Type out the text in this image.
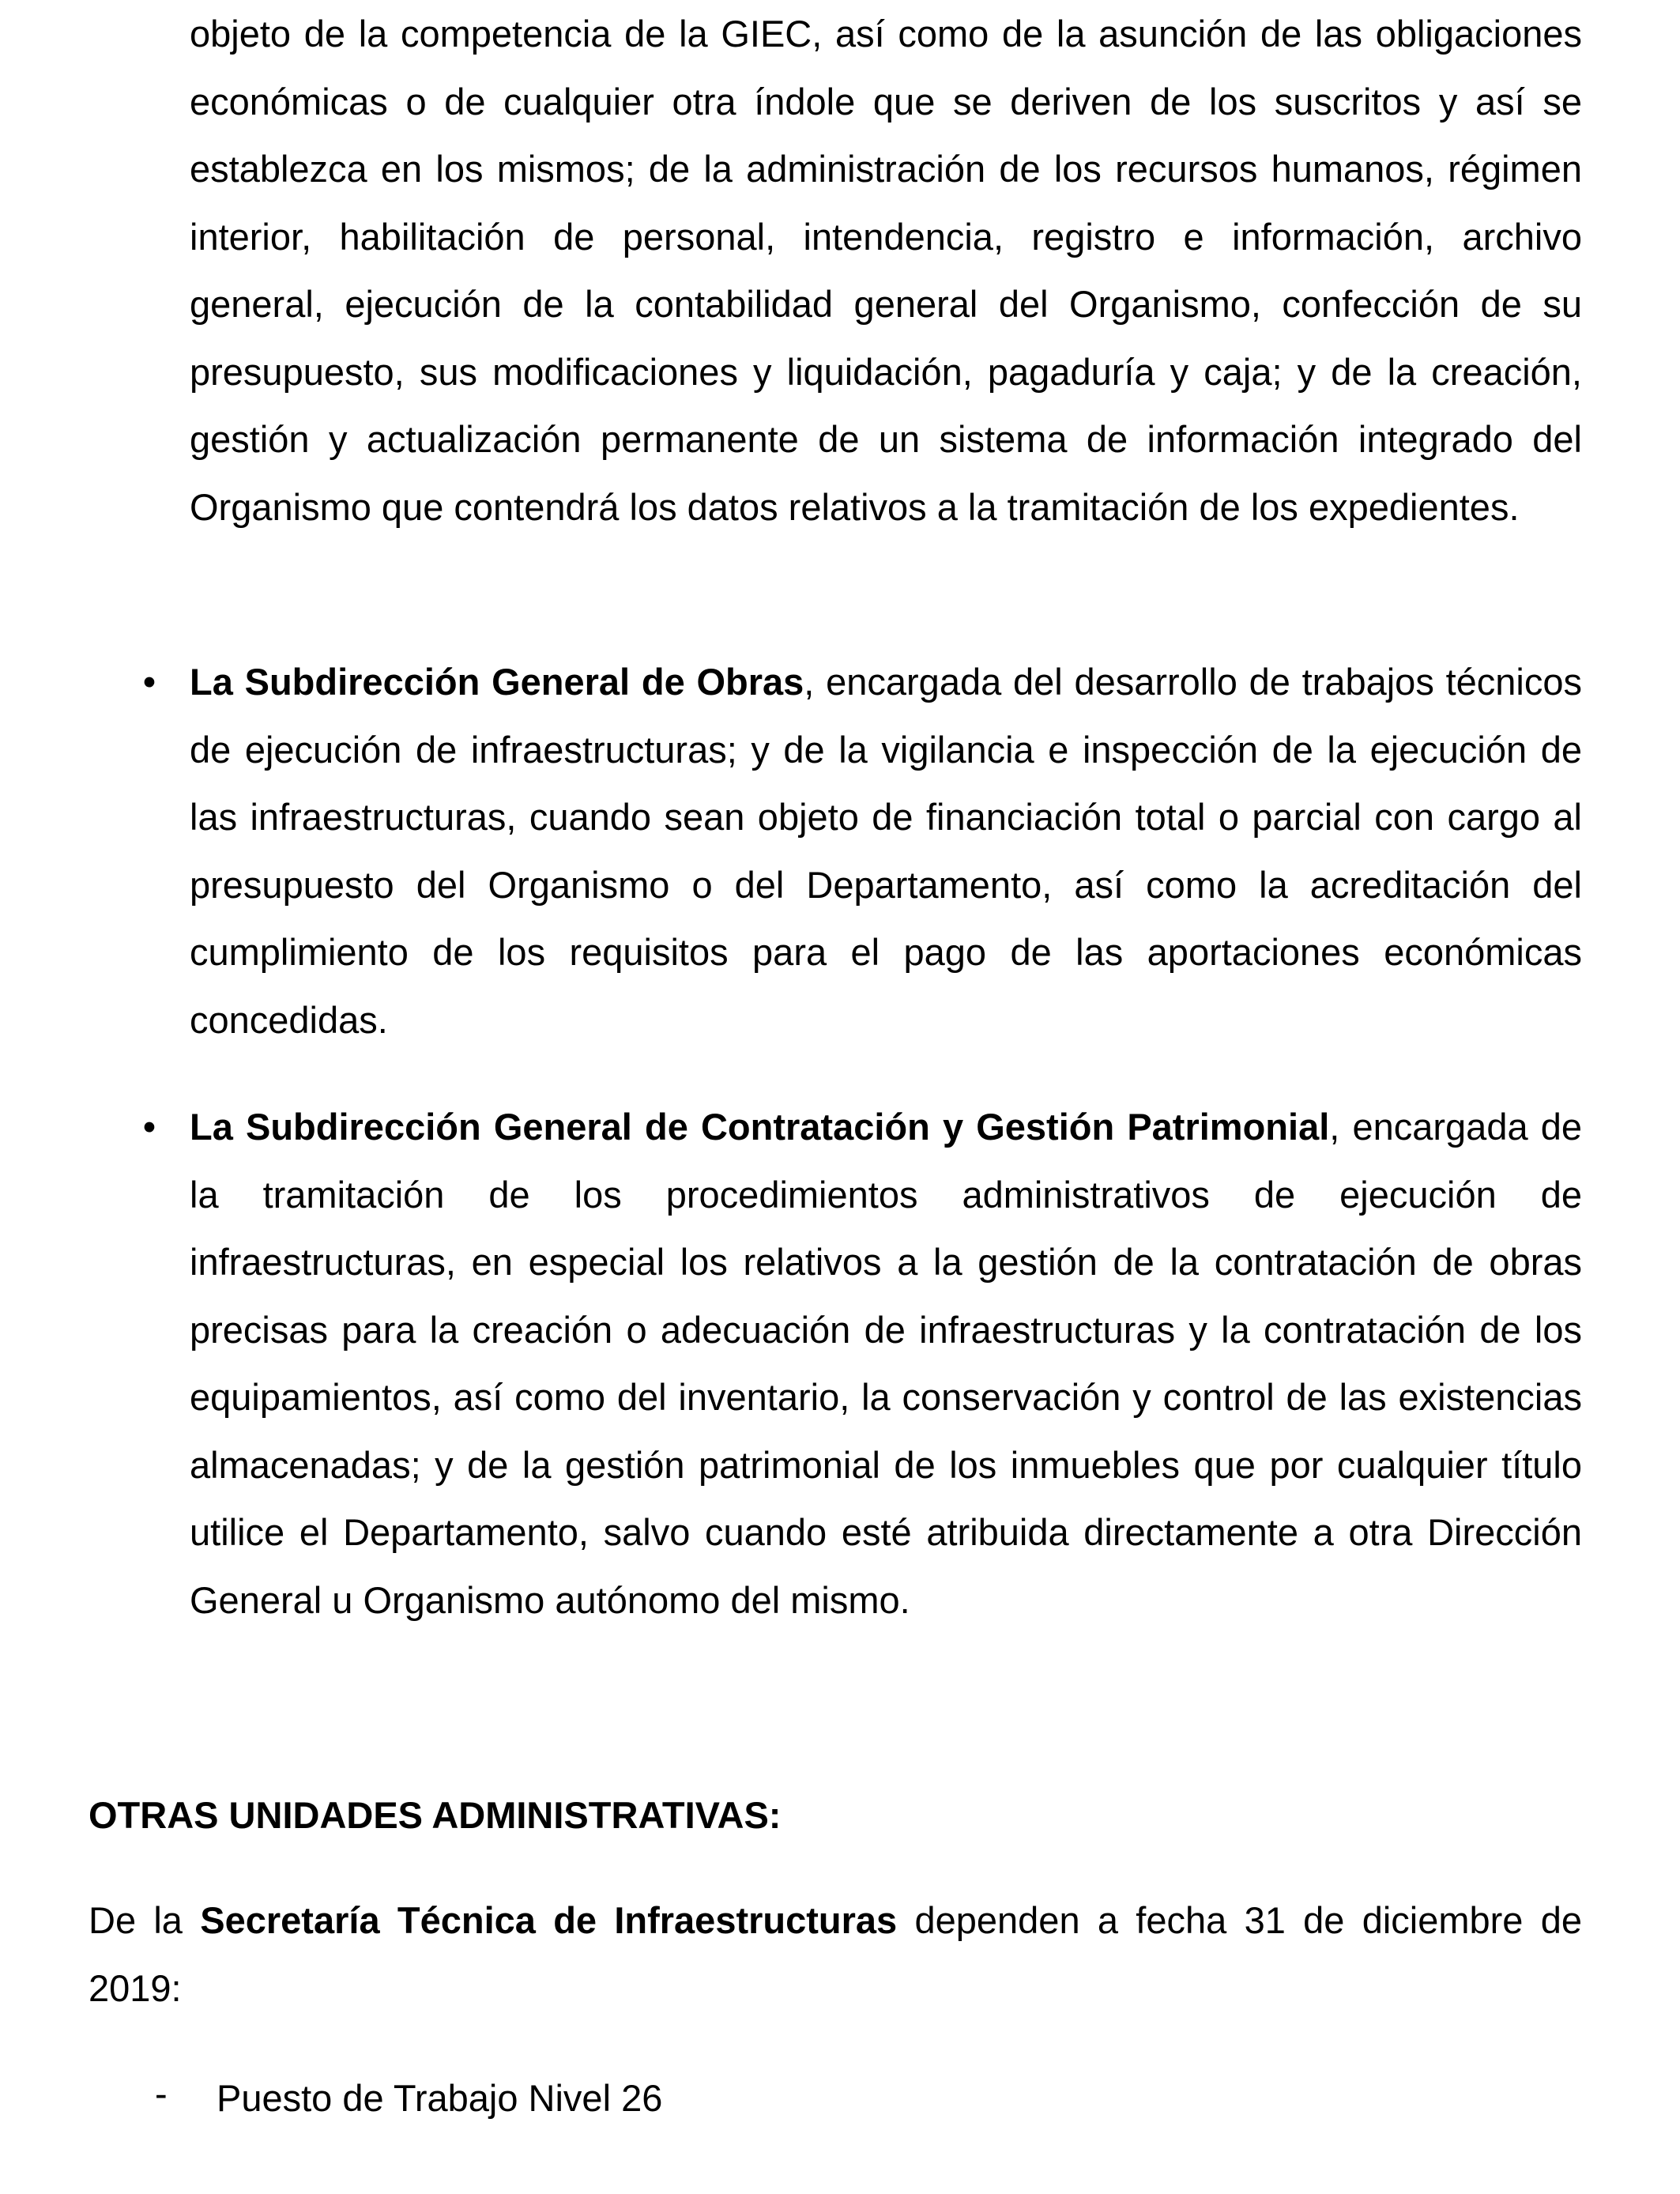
objeto de la competencia de la GIEC, así como de la asunción de las obligaciones económicas o de cualquier otra índole que se deriven de los suscritos y así se establezca en los mismos; de la administración de los recursos humanos, régimen interior, habilitación de personal, intendencia, registro e información, archivo general, ejecución de la contabilidad general del Organismo, confección de su presupuesto, sus modificaciones y liquidación, pagaduría y caja; y de la creación, gestión y actualización permanente de un sistema de información integrado del Organismo que contendrá los datos relativos a la tramitación de los expedientes.

• La Subdirección General de Obras, encargada del desarrollo de trabajos técnicos de ejecución de infraestructuras; y de la vigilancia e inspección de la ejecución de las infraestructuras, cuando sean objeto de financiación total o parcial con cargo al presupuesto del Organismo o del Departamento, así como la acreditación del cumplimiento de los requisitos para el pago de las aportaciones económicas concedidas.

• La Subdirección General de Contratación y Gestión Patrimonial, encargada de la tramitación de los procedimientos administrativos de ejecución de infraestructuras, en especial los relativos a la gestión de la contratación de obras precisas para la creación o adecuación de infraestructuras y la contratación de los equipamientos, así como del inventario, la conservación y control de las existencias almacenadas; y de la gestión patrimonial de los inmuebles que por cualquier título utilice el Departamento, salvo cuando esté atribuida directamente a otra Dirección General u Organismo autónomo del mismo.

OTRAS UNIDADES ADMINISTRATIVAS:

De la Secretaría Técnica de Infraestructuras dependen a fecha 31 de diciembre de 2019:

- Puesto de Trabajo Nivel 26
